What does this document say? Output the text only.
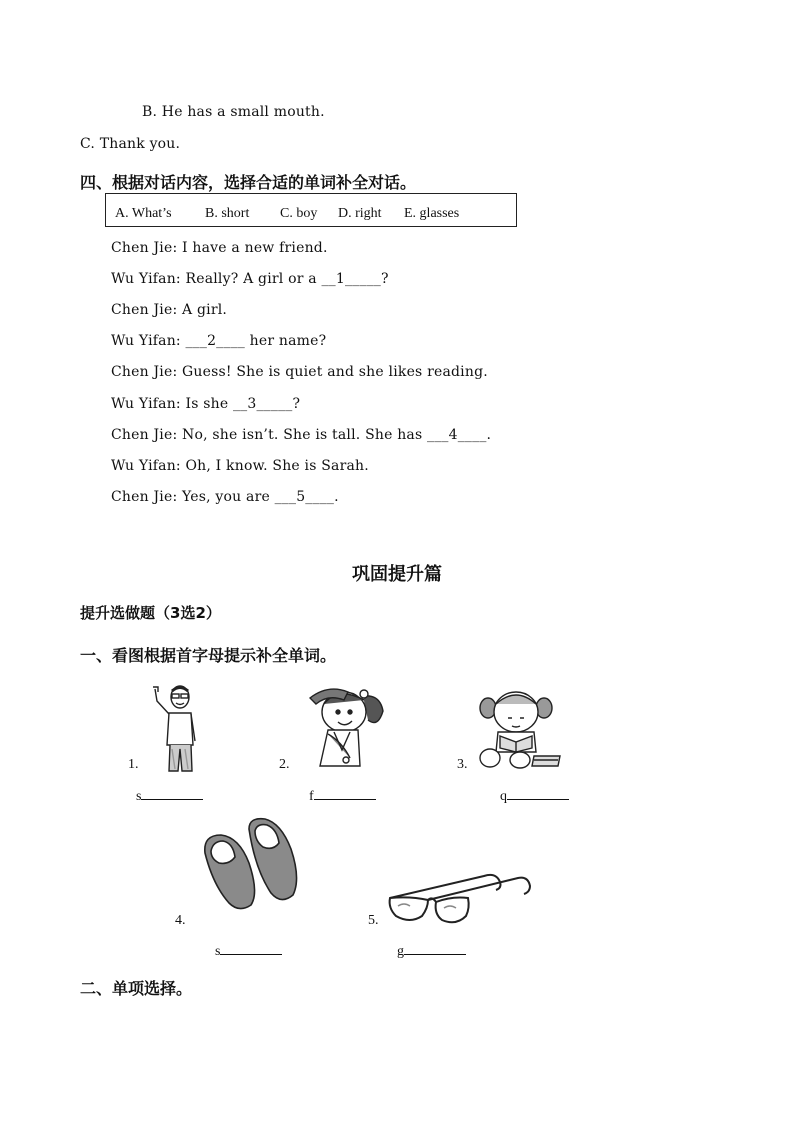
B. He has a small mouth.
C. Thank you.
四、根据对话内容，选择合适的单词补全对话。
A. What’s B. short C. boy D. right E. glasses
Chen Jie: I have a new friend.
Wu Yifan: Really? A girl or a __1_____?
Chen Jie: A girl.
Wu Yifan: ___2____ her name?
Chen Jie: Guess! She is quiet and she likes reading.
Wu Yifan: Is she __3_____?
Chen Jie: No, she isn’t. She is tall. She has ___4____.
Wu Yifan: Oh, I know. She is Sarah.
Chen Jie: Yes, you are ___5____.
巩固提升篇
提升选做题（3选2）
一、看图根据首字母提示补全单词。
1.	2.	3.
s	f	q
4.	5.
s	g
二、单项选择。
